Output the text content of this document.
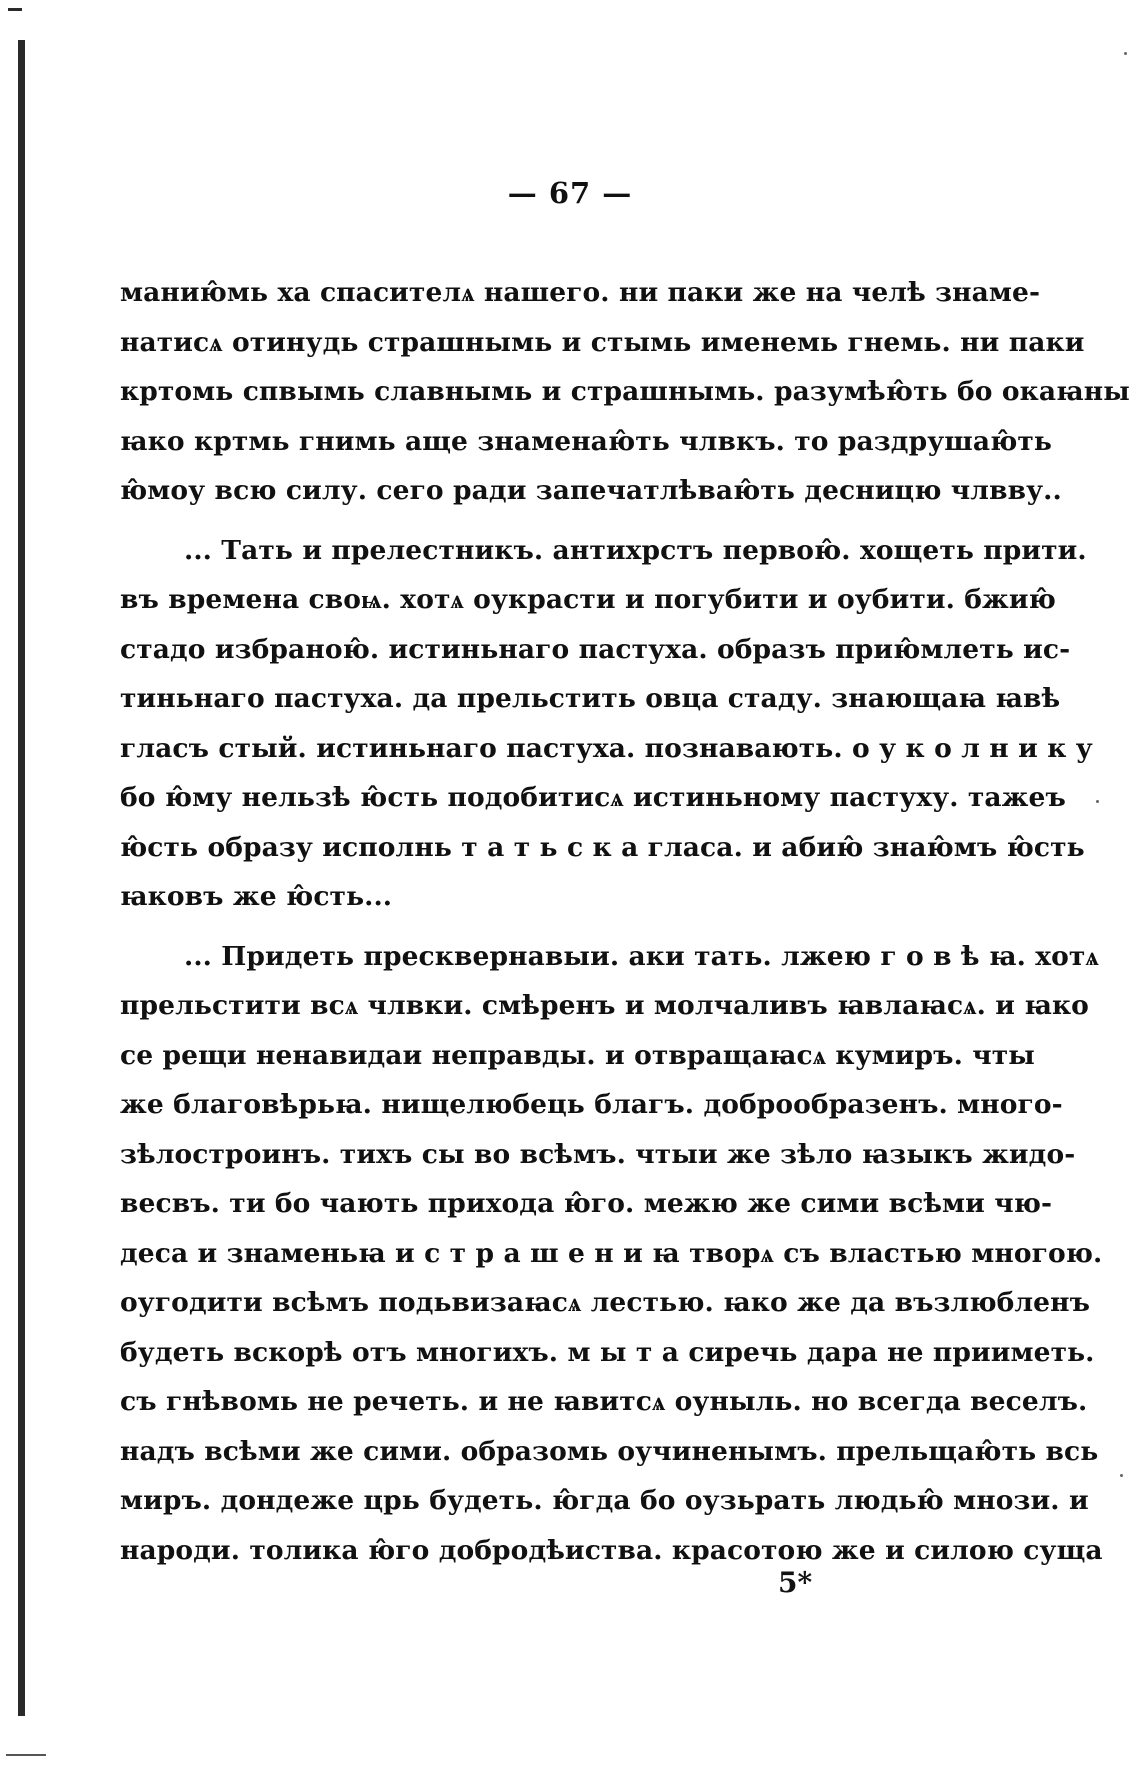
— 67 —
манию̂мь ха спасителѧ нашего. ни паки же на челѣ знаме-
натисѧ отинудь страшнымь и стымь именемь гнемь. ни паки
кртомь спвымь славнымь и страшнымь. разумѣю̂ть бо окаꙗны
ꙗко кртмь гнимь аще знаменаю̂ть члвкъ. то раздрушаю̂ть
ю̂моу всю силу. сего ради запечатлѣваю̂ть десницю члвву..
... Тать и прелестникъ. антихрстъ первою̂. хощеть прити.
въ времена своѩ. хотѧ оукрасти и погубити и оубити. бжию̂
стадо избраною̂. истиньнаго пастуха. образъ прию̂млеть ис-
тиньнаго пастуха. да прельстить овца стаду. знающаꙗ ꙗвѣ
гласъ стый. истиньнаго пастуха. познавають. о у к о л н и к у
бо ю̂му нельзѣ ю̂сть подобитисѧ истиньному пастуху. тажеъ
ю̂сть образу исполнь т а т ь с к а гласа. и абию̂ знаю̂мъ ю̂сть
ꙗковъ же ю̂сть...
... Придеть пресквернавыи. аки тать. лжею г о в ѣ ꙗ. хотѧ
прельстити всѧ члвки. смѣренъ и молчаливъ ꙗвлаꙗсѧ. и ꙗко
се рещи ненавидаи неправды. и отвращаꙗсѧ кумиръ. чты
же благовѣрьꙗ. нищелюбець благъ. доброобразенъ. много-
зѣлостроинъ. тихъ сы во всѣмъ. чтыи же зѣло ꙗзыкъ жидо-
весвъ. ти бо чають прихода ю̂го. межю же сими всѣми чю-
деса и знаменьꙗ и с т р а ш е н и ꙗ творѧ съ властью многою.
оугодити всѣмъ подьвизаꙗсѧ лестью. ꙗко же да възлюбленъ
будеть вскорѣ отъ многихъ. м ы т а сиречь дара не прииметь.
съ гнѣвомь не речеть. и не ꙗвитсѧ оуныль. но всегда веселъ.
надъ всѣми же сими. образомь оучиненымъ. прельщаю̂ть всь
миръ. дондеже црь будеть. ю̂гда бо оузьрать людью̂ мнози. и
народи. толика ю̂го добродѣиства. красотою же и силою суща
5*
